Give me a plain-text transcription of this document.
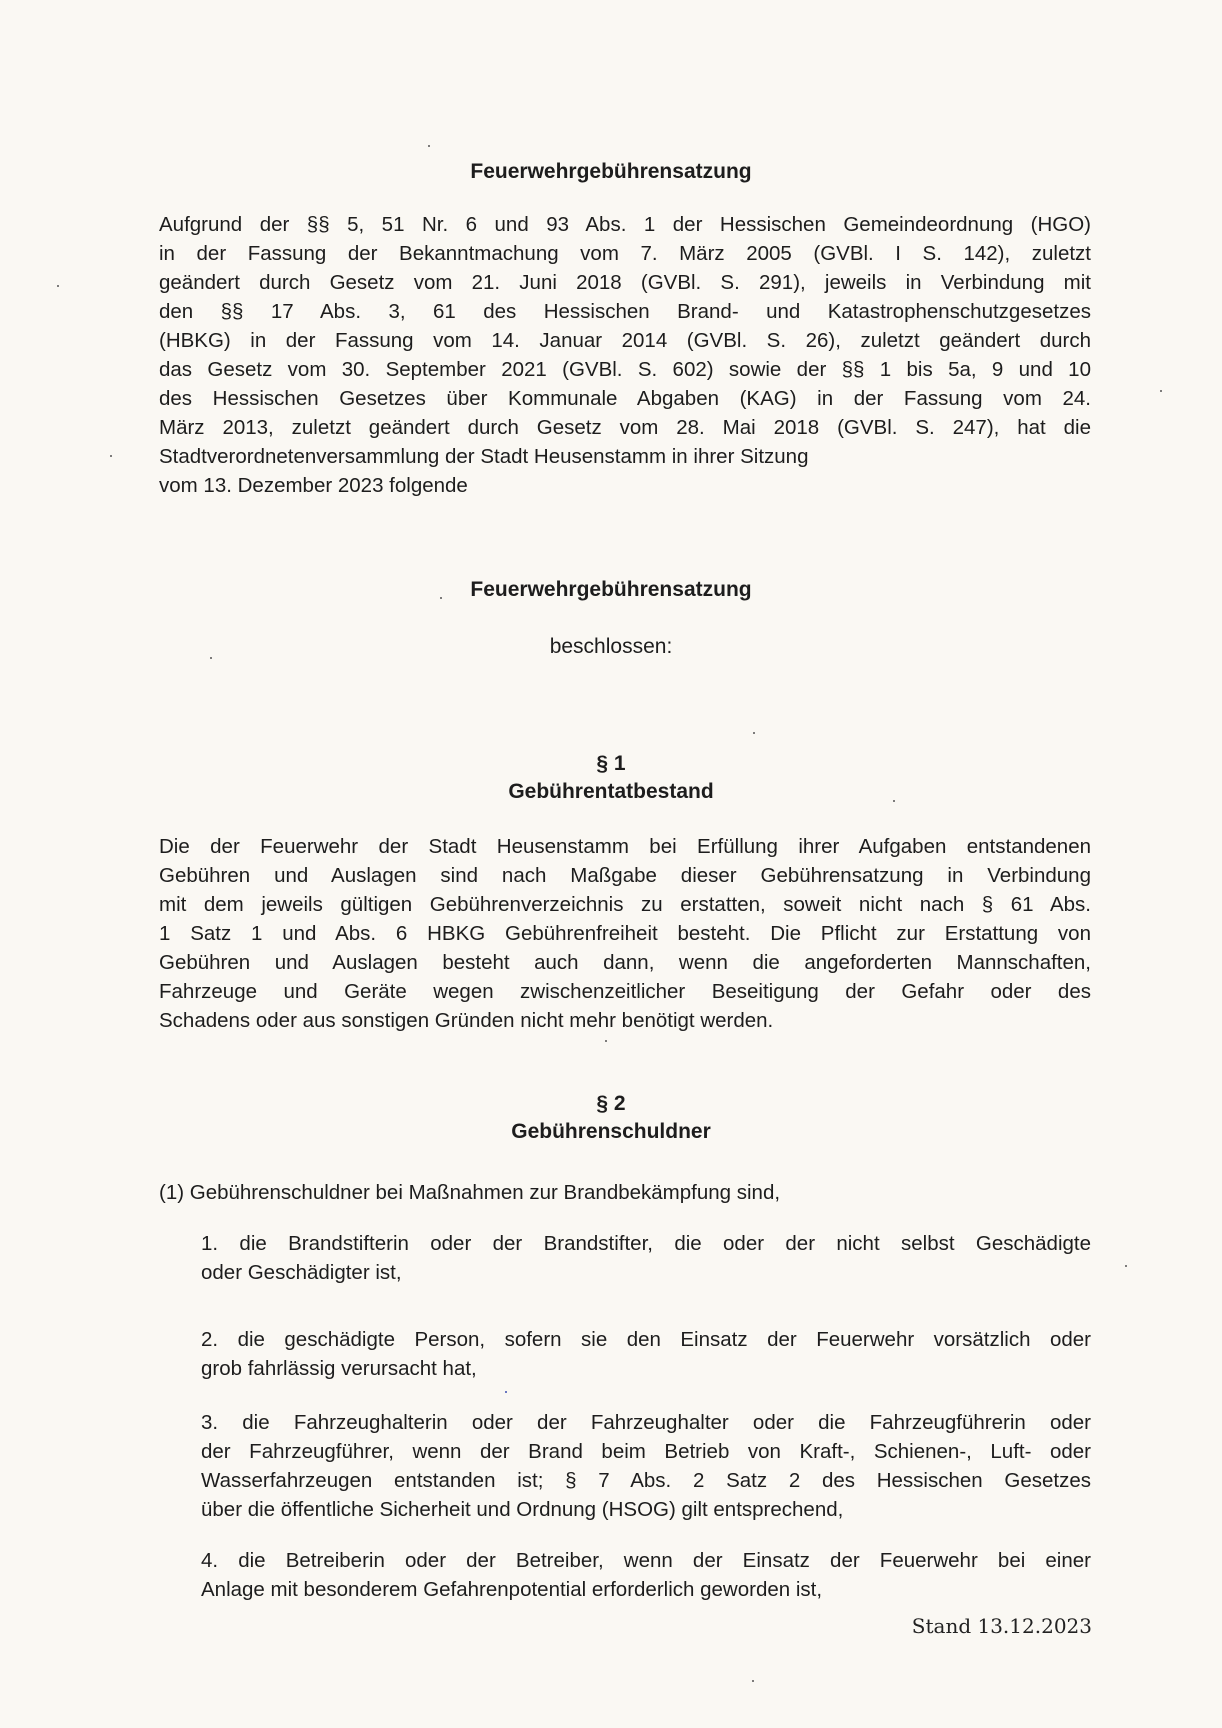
Feuerwehrgebührensatzung
Aufgrund der §§ 5, 51 Nr. 6 und 93 Abs. 1 der Hessischen Gemeindeordnung (HGO)
in der Fassung der Bekanntmachung vom 7. März 2005 (GVBl. I S. 142), zuletzt
geändert durch Gesetz vom 21. Juni 2018 (GVBl. S. 291), jeweils in Verbindung mit
den §§ 17 Abs. 3, 61 des Hessischen Brand- und Katastrophenschutzgesetzes
(HBKG) in der Fassung vom 14. Januar 2014 (GVBl. S. 26), zuletzt geändert durch
das Gesetz vom 30. September 2021 (GVBl. S. 602) sowie der §§ 1 bis 5a, 9 und 10
des Hessischen Gesetzes über Kommunale Abgaben (KAG) in der Fassung vom 24.
März 2013, zuletzt geändert durch Gesetz vom 28. Mai 2018 (GVBl. S. 247), hat die
Stadtverordnetenversammlung der Stadt Heusenstamm in ihrer Sitzung
vom 13. Dezember 2023 folgende
Feuerwehrgebührensatzung
beschlossen:
§ 1
Gebührentatbestand
Die der Feuerwehr der Stadt Heusenstamm bei Erfüllung ihrer Aufgaben entstandenen
Gebühren und Auslagen sind nach Maßgabe dieser Gebührensatzung in Verbindung
mit dem jeweils gültigen Gebührenverzeichnis zu erstatten, soweit nicht nach § 61 Abs.
1 Satz 1 und Abs. 6 HBKG Gebührenfreiheit besteht. Die Pflicht zur Erstattung von
Gebühren und Auslagen besteht auch dann, wenn die angeforderten Mannschaften,
Fahrzeuge und Geräte wegen zwischenzeitlicher Beseitigung der Gefahr oder des
Schadens oder aus sonstigen Gründen nicht mehr benötigt werden.
§ 2
Gebührenschuldner
(1) Gebührenschuldner bei Maßnahmen zur Brandbekämpfung sind,
1. die Brandstifterin oder der Brandstifter, die oder der nicht selbst Geschädigte
oder Geschädigter ist,
2. die geschädigte Person, sofern sie den Einsatz der Feuerwehr vorsätzlich oder
grob fahrlässig verursacht hat,
3. die Fahrzeughalterin oder der Fahrzeughalter oder die Fahrzeugführerin oder
der Fahrzeugführer, wenn der Brand beim Betrieb von Kraft-, Schienen-, Luft- oder
Wasserfahrzeugen entstanden ist; § 7 Abs. 2 Satz 2 des Hessischen Gesetzes
über die öffentliche Sicherheit und Ordnung (HSOG) gilt entsprechend,
4. die Betreiberin oder der Betreiber, wenn der Einsatz der Feuerwehr bei einer
Anlage mit besonderem Gefahrenpotential erforderlich geworden ist,
Stand 13.12.2023
